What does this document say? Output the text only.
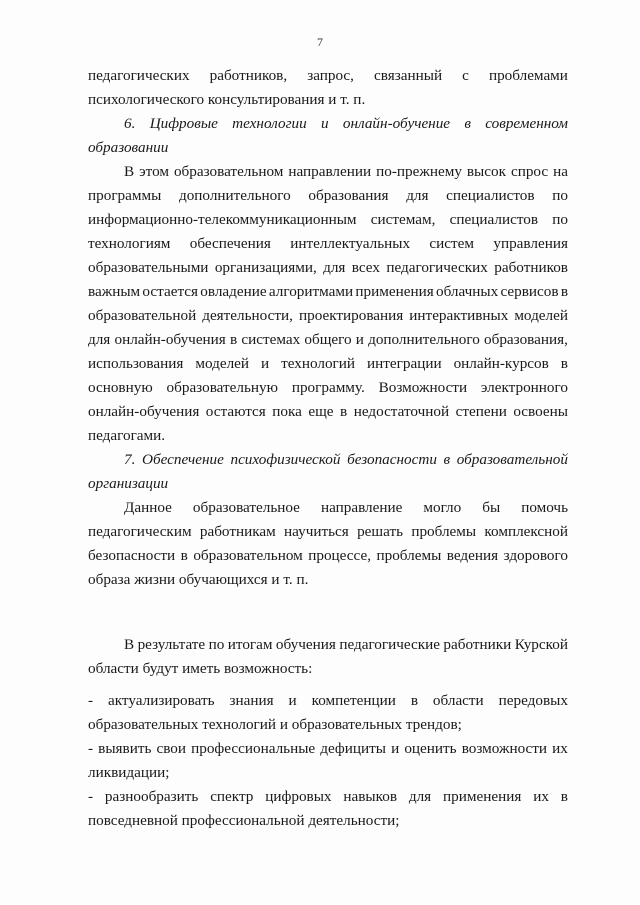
7
педагогических работников, запрос, связанный с проблемами
психологического консультирования и т. п.
6. Цифровые технологии и онлайн-обучение в современном
образовании
В этом образовательном направлении по-прежнему высок спрос на
программы дополнительного образования для специалистов по
информационно-телекоммуникационным системам, специалистов по
технологиям обеспечения интеллектуальных систем управления
образовательными организациями, для всех педагогических работников
важным остается овладение алгоритмами применения облачных сервисов в
образовательной деятельности, проектирования интерактивных моделей
для онлайн-обучения в системах общего и дополнительного образования,
использования моделей и технологий интеграции онлайн-курсов в
основную образовательную программу. Возможности электронного
онлайн-обучения остаются пока еще в недостаточной степени освоены
педагогами.
7. Обеспечение психофизической безопасности в образовательной
организации
Данное образовательное направление могло бы помочь
педагогическим работникам научиться решать проблемы комплексной
безопасности в образовательном процессе, проблемы ведения здорового
образа жизни обучающихся и т. п.
В результате по итогам обучения педагогические работники Курской
области будут иметь возможность:
- актуализировать знания и компетенции в области передовых
образовательных технологий и образовательных трендов;
- выявить свои профессиональные дефициты и оценить возможности их
ликвидации;
- разнообразить спектр цифровых навыков для применения их в
повседневной профессиональной деятельности;
